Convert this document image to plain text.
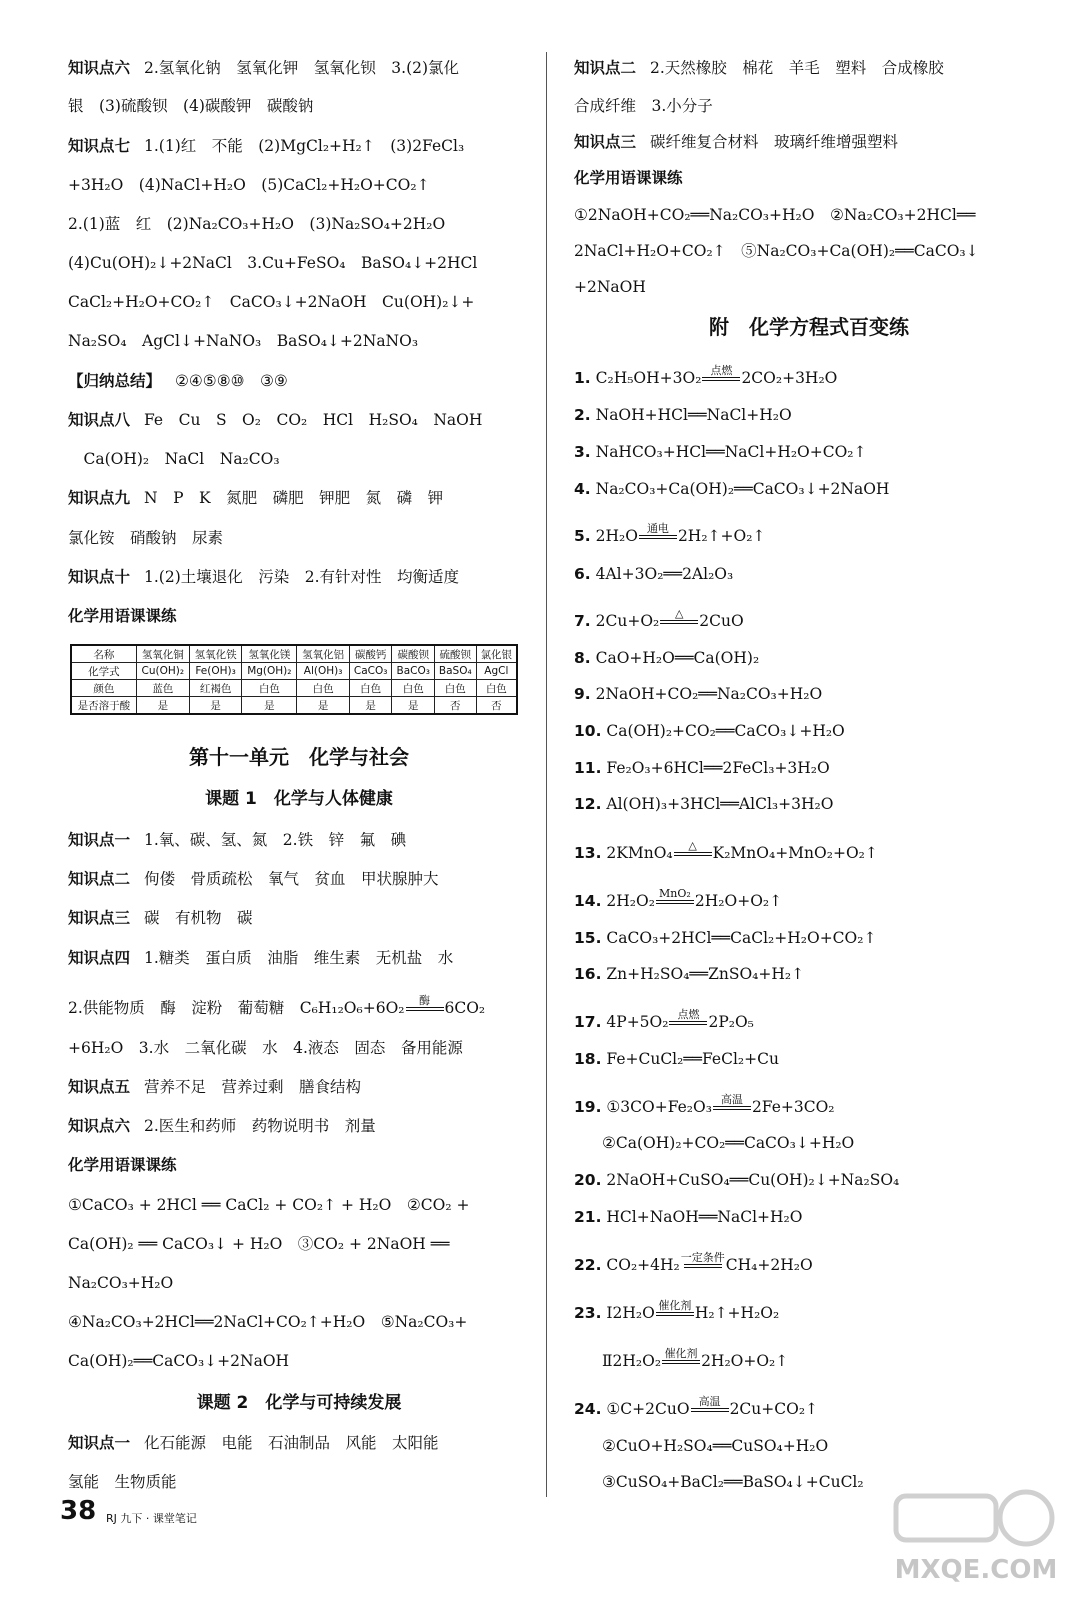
知识点六 2.氢氧化钠　氢氧化钾　氢氧化钡　3.(2)氯化
银　(3)硫酸钡　(4)碳酸钾　碳酸钠
知识点七 1.(1)红　不能　(2)MgCl₂+H₂↑　(3)2FeCl₃
+3H₂O　(4)NaCl+H₂O　(5)CaCl₂+H₂O+CO₂↑
2.(1)蓝　红　(2)Na₂CO₃+H₂O　(3)Na₂SO₄+2H₂O
(4)Cu(OH)₂↓+2NaCl　3.Cu+FeSO₄　BaSO₄↓+2HCl
CaCl₂+H₂O+CO₂↑　CaCO₃↓+2NaOH　Cu(OH)₂↓+
Na₂SO₄　AgCl↓+NaNO₃　BaSO₄↓+2NaNO₃
【归纳总结】 ②④⑤⑧⑩　③⑨
知识点八 Fe　Cu　S　O₂　CO₂　HCl　H₂SO₄　NaOH
　Ca(OH)₂　NaCl　Na₂CO₃
知识点九 N　P　K　氮肥　磷肥　钾肥　氮　磷　钾
氯化铵　硝酸钠　尿素
知识点十 1.(2)土壤退化　污染　2.有针对性　均衡适度
化学用语课课练
名称	氢氧化铜	氢氧化铁	氢氧化镁	氢氧化铝	碳酸钙	碳酸钡	硫酸钡	氯化银
化学式	Cu(OH)₂	Fe(OH)₃	Mg(OH)₂	Al(OH)₃	CaCO₃	BaCO₃	BaSO₄	AgCl
颜色	蓝色	红褐色	白色	白色	白色	白色	白色	白色
是否溶于酸	是	是	是	是	是	是	否	否
第十一单元　化学与社会
课题 1　化学与人体健康
知识点一 1.氧、碳、氢、氮　2.铁　锌　氟　碘
知识点二 佝偻　骨质疏松　氧气　贫血　甲状腺肿大
知识点三 碳　有机物　碳
知识点四 1.糖类　蛋白质　油脂　维生素　无机盐　水
+6H₂O　3.水　二氧化碳　水　4.液态　固态　备用能源
知识点五 营养不足　营养过剩　膳食结构
知识点六 2.医生和药师　药物说明书　剂量
化学用语课课练
①CaCO₃ + 2HCl ══ CaCl₂ + CO₂↑ + H₂O　②CO₂ +
Ca(OH)₂ ══ CaCO₃↓ + H₂O　③CO₂ + 2NaOH ══
Na₂CO₃+H₂O
④Na₂CO₃+2HCl══2NaCl+CO₂↑+H₂O　⑤Na₂CO₃+
Ca(OH)₂══CaCO₃↓+2NaOH
2.供能物质　酶　淀粉　葡萄糖　C₆H₁₂O₆+6O₂ 酶 6CO₂
课题 2　化学与可持续发展
知识点一 化石能源　电能　石油制品　风能　太阳能
氢能　生物质能
知识点二 2.天然橡胶　棉花　羊毛　塑料　合成橡胶
合成纤维　3.小分子
知识点三 碳纤维复合材料　玻璃纤维增强塑料
化学用语课课练
①2NaOH+CO₂══Na₂CO₃+H₂O　②Na₂CO₃+2HCl══
2NaCl+H₂O+CO₂↑　⑤Na₂CO₃+Ca(OH)₂══CaCO₃↓
+2NaOH
附　化学方程式百变练
1. C₂H₅OH+3O₂ 点燃 2CO₂+3H₂O
2. NaOH+HCl══NaCl+H₂O
3. NaHCO₃+HCl══NaCl+H₂O+CO₂↑
4. Na₂CO₃+Ca(OH)₂══CaCO₃↓+2NaOH
5. 2H₂O 通电 2H₂↑+O₂↑
6. 4Al+3O₂══2Al₂O₃
7. 2Cu+O₂ △ 2CuO
8. CaO+H₂O══Ca(OH)₂
9. 2NaOH+CO₂══Na₂CO₃+H₂O
10. Ca(OH)₂+CO₂══CaCO₃↓+H₂O
11. Fe₂O₃+6HCl══2FeCl₃+3H₂O
12. Al(OH)₃+3HCl══AlCl₃+3H₂O
13. 2KMnO₄ △ K₂MnO₄+MnO₂+O₂↑
14. 2H₂O₂ MnO₂ 2H₂O+O₂↑
15. CaCO₃+2HCl══CaCl₂+H₂O+CO₂↑
16. Zn+H₂SO₄══ZnSO₄+H₂↑
17. 4P+5O₂ 点燃 2P₂O₅
18. Fe+CuCl₂══FeCl₂+Cu
19. ①3CO+Fe₂O₃ 高温 2Fe+3CO₂
②Ca(OH)₂+CO₂══CaCO₃↓+H₂O
20. 2NaOH+CuSO₄══Cu(OH)₂↓+Na₂SO₄
21. HCl+NaOH══NaCl+H₂O
22. CO₂+4H₂ 一定条件 CH₄+2H₂O
23. Ⅰ2H₂O 催化剂 H₂↑+H₂O₂
Ⅱ2H₂O₂ 催化剂 2H₂O+O₂↑
24. ①C+2CuO 高温 2Cu+CO₂↑
②CuO+H₂SO₄══CuSO₄+H₂O
③CuSO₄+BaCl₂══BaSO₄↓+CuCl₂
38 RJ 九下 · 课堂笔记
MXQE.COM
